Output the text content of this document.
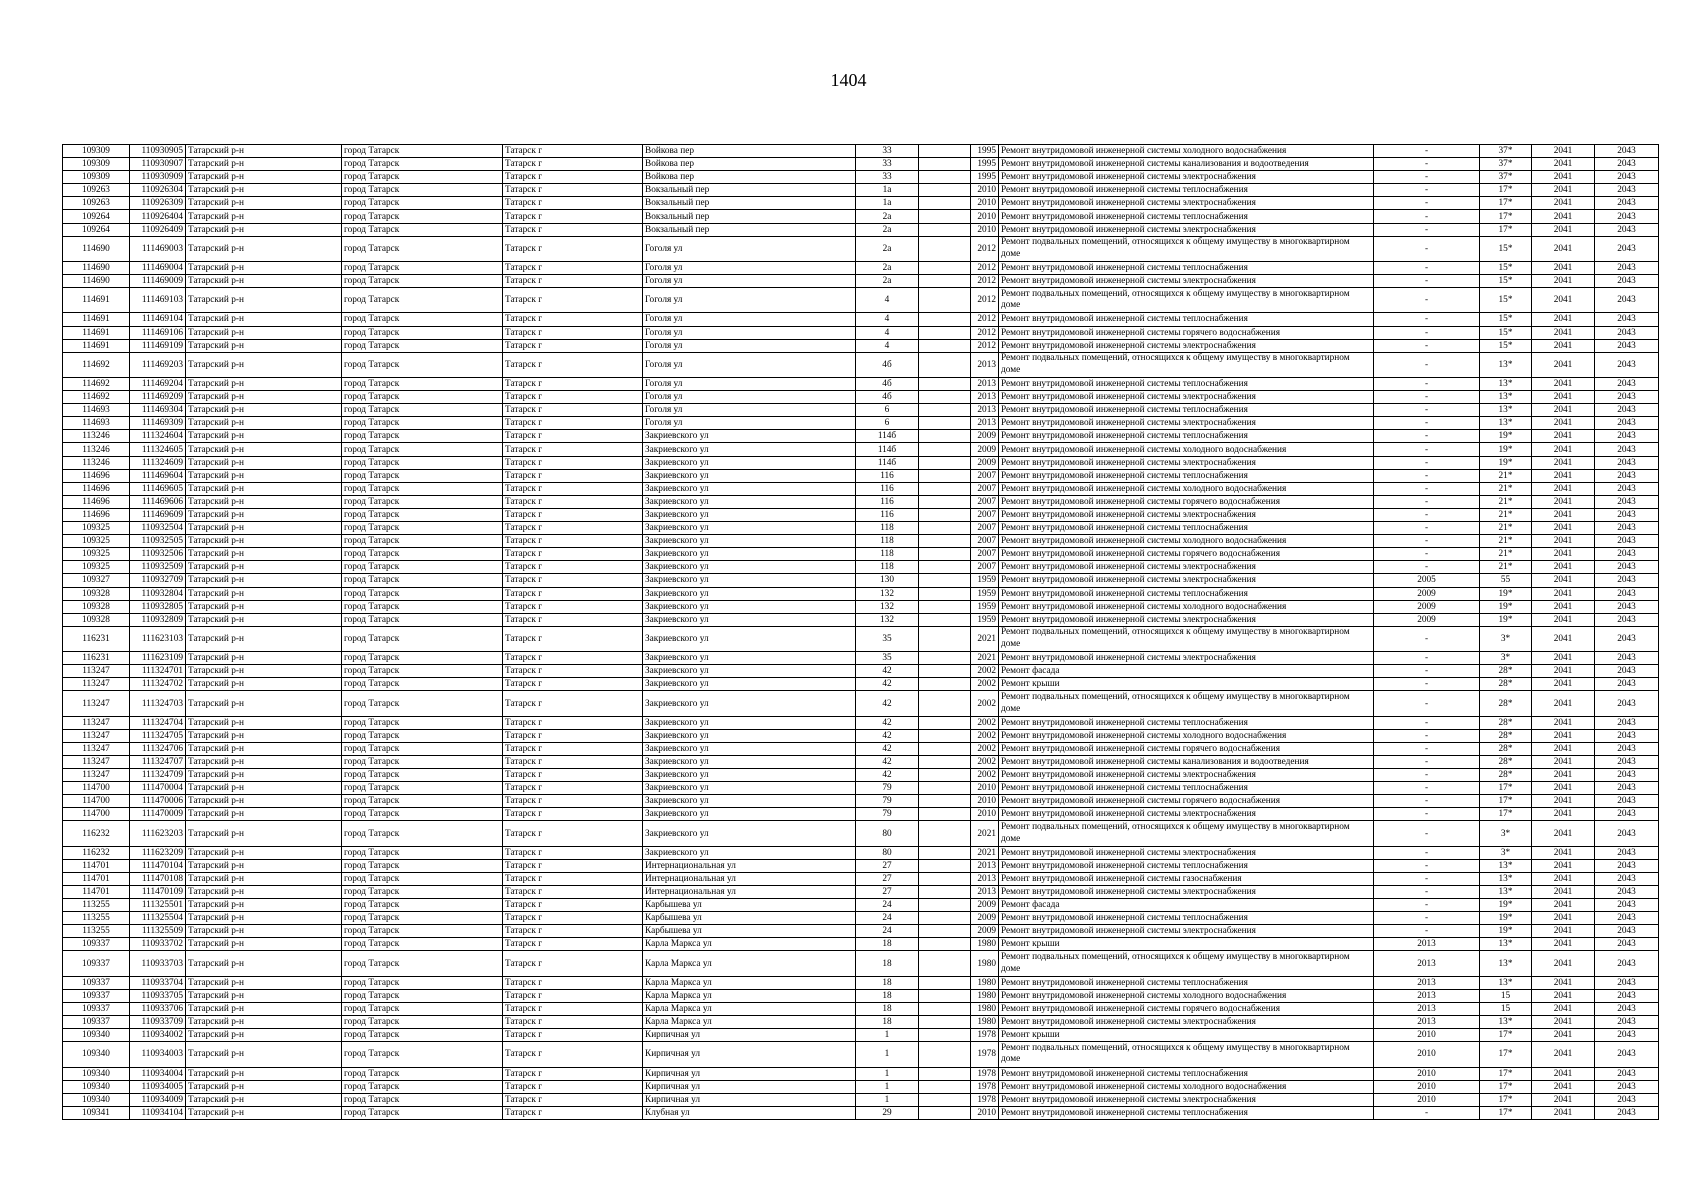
1404
109309	110930905	Татарский р-н	город Татарск	Татарск г	Войкова пер	33		1995	Ремонт внутридомовой инженерной системы холодного водоснабжения	-	37*	2041	2043
109309	110930907	Татарский р-н	город Татарск	Татарск г	Войкова пер	33		1995	Ремонт внутридомовой инженерной системы канализования и водоотведения	-	37*	2041	2043
109309	110930909	Татарский р-н	город Татарск	Татарск г	Войкова пер	33		1995	Ремонт внутридомовой инженерной системы электроснабжения	-	37*	2041	2043
109263	110926304	Татарский р-н	город Татарск	Татарск г	Вокзальный пер	1а		2010	Ремонт внутридомовой инженерной системы теплоснабжения	-	17*	2041	2043
109263	110926309	Татарский р-н	город Татарск	Татарск г	Вокзальный пер	1а		2010	Ремонт внутридомовой инженерной системы электроснабжения	-	17*	2041	2043
109264	110926404	Татарский р-н	город Татарск	Татарск г	Вокзальный пер	2а		2010	Ремонт внутридомовой инженерной системы теплоснабжения	-	17*	2041	2043
109264	110926409	Татарский р-н	город Татарск	Татарск г	Вокзальный пер	2а		2010	Ремонт внутридомовой инженерной системы электроснабжения	-	17*	2041	2043
114690	111469003	Татарский р-н	город Татарск	Татарск г	Гоголя ул	2а		2012	Ремонт подвальных помещений, относящихся к общему имуществу в многоквартирном доме	-	15*	2041	2043
114690	111469004	Татарский р-н	город Татарск	Татарск г	Гоголя ул	2а		2012	Ремонт внутридомовой инженерной системы теплоснабжения	-	15*	2041	2043
114690	111469009	Татарский р-н	город Татарск	Татарск г	Гоголя ул	2а		2012	Ремонт внутридомовой инженерной системы электроснабжения	-	15*	2041	2043
114691	111469103	Татарский р-н	город Татарск	Татарск г	Гоголя ул	4		2012	Ремонт подвальных помещений, относящихся к общему имуществу в многоквартирном доме	-	15*	2041	2043
114691	111469104	Татарский р-н	город Татарск	Татарск г	Гоголя ул	4		2012	Ремонт внутридомовой инженерной системы теплоснабжения	-	15*	2041	2043
114691	111469106	Татарский р-н	город Татарск	Татарск г	Гоголя ул	4		2012	Ремонт внутридомовой инженерной системы горячего водоснабжения	-	15*	2041	2043
114691	111469109	Татарский р-н	город Татарск	Татарск г	Гоголя ул	4		2012	Ремонт внутридомовой инженерной системы электроснабжения	-	15*	2041	2043
114692	111469203	Татарский р-н	город Татарск	Татарск г	Гоголя ул	4б		2013	Ремонт подвальных помещений, относящихся к общему имуществу в многоквартирном доме	-	13*	2041	2043
114692	111469204	Татарский р-н	город Татарск	Татарск г	Гоголя ул	4б		2013	Ремонт внутридомовой инженерной системы теплоснабжения	-	13*	2041	2043
114692	111469209	Татарский р-н	город Татарск	Татарск г	Гоголя ул	4б		2013	Ремонт внутридомовой инженерной системы электроснабжения	-	13*	2041	2043
114693	111469304	Татарский р-н	город Татарск	Татарск г	Гоголя ул	6		2013	Ремонт внутридомовой инженерной системы теплоснабжения	-	13*	2041	2043
114693	111469309	Татарский р-н	город Татарск	Татарск г	Гоголя ул	6		2013	Ремонт внутридомовой инженерной системы электроснабжения	-	13*	2041	2043
113246	111324604	Татарский р-н	город Татарск	Татарск г	Закриевского ул	114б		2009	Ремонт внутридомовой инженерной системы теплоснабжения	-	19*	2041	2043
113246	111324605	Татарский р-н	город Татарск	Татарск г	Закриевского ул	114б		2009	Ремонт внутридомовой инженерной системы холодного водоснабжения	-	19*	2041	2043
113246	111324609	Татарский р-н	город Татарск	Татарск г	Закриевского ул	114б		2009	Ремонт внутридомовой инженерной системы электроснабжения	-	19*	2041	2043
114696	111469604	Татарский р-н	город Татарск	Татарск г	Закриевского ул	116		2007	Ремонт внутридомовой инженерной системы теплоснабжения	-	21*	2041	2043
114696	111469605	Татарский р-н	город Татарск	Татарск г	Закриевского ул	116		2007	Ремонт внутридомовой инженерной системы холодного водоснабжения	-	21*	2041	2043
114696	111469606	Татарский р-н	город Татарск	Татарск г	Закриевского ул	116		2007	Ремонт внутридомовой инженерной системы горячего водоснабжения	-	21*	2041	2043
114696	111469609	Татарский р-н	город Татарск	Татарск г	Закриевского ул	116		2007	Ремонт внутридомовой инженерной системы электроснабжения	-	21*	2041	2043
109325	110932504	Татарский р-н	город Татарск	Татарск г	Закриевского ул	118		2007	Ремонт внутридомовой инженерной системы теплоснабжения	-	21*	2041	2043
109325	110932505	Татарский р-н	город Татарск	Татарск г	Закриевского ул	118		2007	Ремонт внутридомовой инженерной системы холодного водоснабжения	-	21*	2041	2043
109325	110932506	Татарский р-н	город Татарск	Татарск г	Закриевского ул	118		2007	Ремонт внутридомовой инженерной системы горячего водоснабжения	-	21*	2041	2043
109325	110932509	Татарский р-н	город Татарск	Татарск г	Закриевского ул	118		2007	Ремонт внутридомовой инженерной системы электроснабжения	-	21*	2041	2043
109327	110932709	Татарский р-н	город Татарск	Татарск г	Закриевского ул	130		1959	Ремонт внутридомовой инженерной системы электроснабжения	2005	55	2041	2043
109328	110932804	Татарский р-н	город Татарск	Татарск г	Закриевского ул	132		1959	Ремонт внутридомовой инженерной системы теплоснабжения	2009	19*	2041	2043
109328	110932805	Татарский р-н	город Татарск	Татарск г	Закриевского ул	132		1959	Ремонт внутридомовой инженерной системы холодного водоснабжения	2009	19*	2041	2043
109328	110932809	Татарский р-н	город Татарск	Татарск г	Закриевского ул	132		1959	Ремонт внутридомовой инженерной системы электроснабжения	2009	19*	2041	2043
116231	111623103	Татарский р-н	город Татарск	Татарск г	Закриевского ул	35		2021	Ремонт подвальных помещений, относящихся к общему имуществу в многоквартирном доме	-	3*	2041	2043
116231	111623109	Татарский р-н	город Татарск	Татарск г	Закриевского ул	35		2021	Ремонт внутридомовой инженерной системы электроснабжения	-	3*	2041	2043
113247	111324701	Татарский р-н	город Татарск	Татарск г	Закриевского ул	42		2002	Ремонт фасада	-	28*	2041	2043
113247	111324702	Татарский р-н	город Татарск	Татарск г	Закриевского ул	42		2002	Ремонт крыши	-	28*	2041	2043
113247	111324703	Татарский р-н	город Татарск	Татарск г	Закриевского ул	42		2002	Ремонт подвальных помещений, относящихся к общему имуществу в многоквартирном доме	-	28*	2041	2043
113247	111324704	Татарский р-н	город Татарск	Татарск г	Закриевского ул	42		2002	Ремонт внутридомовой инженерной системы теплоснабжения	-	28*	2041	2043
113247	111324705	Татарский р-н	город Татарск	Татарск г	Закриевского ул	42		2002	Ремонт внутридомовой инженерной системы холодного водоснабжения	-	28*	2041	2043
113247	111324706	Татарский р-н	город Татарск	Татарск г	Закриевского ул	42		2002	Ремонт внутридомовой инженерной системы горячего водоснабжения	-	28*	2041	2043
113247	111324707	Татарский р-н	город Татарск	Татарск г	Закриевского ул	42		2002	Ремонт внутридомовой инженерной системы канализования и водоотведения	-	28*	2041	2043
113247	111324709	Татарский р-н	город Татарск	Татарск г	Закриевского ул	42		2002	Ремонт внутридомовой инженерной системы электроснабжения	-	28*	2041	2043
114700	111470004	Татарский р-н	город Татарск	Татарск г	Закриевского ул	79		2010	Ремонт внутридомовой инженерной системы теплоснабжения	-	17*	2041	2043
114700	111470006	Татарский р-н	город Татарск	Татарск г	Закриевского ул	79		2010	Ремонт внутридомовой инженерной системы горячего водоснабжения	-	17*	2041	2043
114700	111470009	Татарский р-н	город Татарск	Татарск г	Закриевского ул	79		2010	Ремонт внутридомовой инженерной системы электроснабжения	-	17*	2041	2043
116232	111623203	Татарский р-н	город Татарск	Татарск г	Закриевского ул	80		2021	Ремонт подвальных помещений, относящихся к общему имуществу в многоквартирном доме	-	3*	2041	2043
116232	111623209	Татарский р-н	город Татарск	Татарск г	Закриевского ул	80		2021	Ремонт внутридомовой инженерной системы электроснабжения	-	3*	2041	2043
114701	111470104	Татарский р-н	город Татарск	Татарск г	Интернациональная ул	27		2013	Ремонт внутридомовой инженерной системы теплоснабжения	-	13*	2041	2043
114701	111470108	Татарский р-н	город Татарск	Татарск г	Интернациональная ул	27		2013	Ремонт внутридомовой инженерной системы газоснабжения	-	13*	2041	2043
114701	111470109	Татарский р-н	город Татарск	Татарск г	Интернациональная ул	27		2013	Ремонт внутридомовой инженерной системы электроснабжения	-	13*	2041	2043
113255	111325501	Татарский р-н	город Татарск	Татарск г	Карбышева ул	24		2009	Ремонт фасада	-	19*	2041	2043
113255	111325504	Татарский р-н	город Татарск	Татарск г	Карбышева ул	24		2009	Ремонт внутридомовой инженерной системы теплоснабжения	-	19*	2041	2043
113255	111325509	Татарский р-н	город Татарск	Татарск г	Карбышева ул	24		2009	Ремонт внутридомовой инженерной системы электроснабжения	-	19*	2041	2043
109337	110933702	Татарский р-н	город Татарск	Татарск г	Карла Маркса ул	18		1980	Ремонт крыши	2013	13*	2041	2043
109337	110933703	Татарский р-н	город Татарск	Татарск г	Карла Маркса ул	18		1980	Ремонт подвальных помещений, относящихся к общему имуществу в многоквартирном доме	2013	13*	2041	2043
109337	110933704	Татарский р-н	город Татарск	Татарск г	Карла Маркса ул	18		1980	Ремонт внутридомовой инженерной системы теплоснабжения	2013	13*	2041	2043
109337	110933705	Татарский р-н	город Татарск	Татарск г	Карла Маркса ул	18		1980	Ремонт внутридомовой инженерной системы холодного водоснабжения	2013	15	2041	2043
109337	110933706	Татарский р-н	город Татарск	Татарск г	Карла Маркса ул	18		1980	Ремонт внутридомовой инженерной системы горячего водоснабжения	2013	15	2041	2043
109337	110933709	Татарский р-н	город Татарск	Татарск г	Карла Маркса ул	18		1980	Ремонт внутридомовой инженерной системы электроснабжения	2013	13*	2041	2043
109340	110934002	Татарский р-н	город Татарск	Татарск г	Кирпичная ул	1		1978	Ремонт крыши	2010	17*	2041	2043
109340	110934003	Татарский р-н	город Татарск	Татарск г	Кирпичная ул	1		1978	Ремонт подвальных помещений, относящихся к общему имуществу в многоквартирном доме	2010	17*	2041	2043
109340	110934004	Татарский р-н	город Татарск	Татарск г	Кирпичная ул	1		1978	Ремонт внутридомовой инженерной системы теплоснабжения	2010	17*	2041	2043
109340	110934005	Татарский р-н	город Татарск	Татарск г	Кирпичная ул	1		1978	Ремонт внутридомовой инженерной системы холодного водоснабжения	2010	17*	2041	2043
109340	110934009	Татарский р-н	город Татарск	Татарск г	Кирпичная ул	1		1978	Ремонт внутридомовой инженерной системы электроснабжения	2010	17*	2041	2043
109341	110934104	Татарский р-н	город Татарск	Татарск г	Клубная ул	29		2010	Ремонт внутридомовой инженерной системы теплоснабжения	-	17*	2041	2043
